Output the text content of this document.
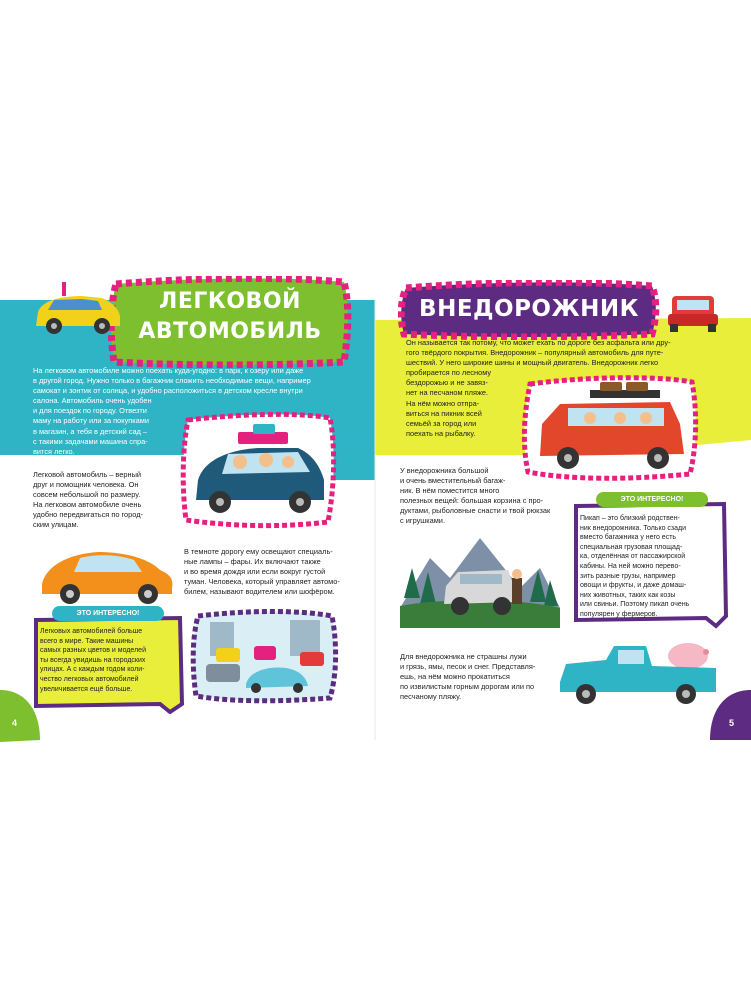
ЛЕГКОВОЙ
АВТОМОБИЛЬ
На легковом автомобиле можно поехать куда-угодно: в парк, к озеру или даже
в другой город. Нужно только в багажник сложить необходимые вещи, например
самокат и зонтик от солнца, и удобно расположиться в детском кресле внутри
салона. Автомобиль очень удобен
и для поездок по городу. Отвезти
маму на работу или за покупками
в магазин, а тебя в детский сад –
с такими задачами машина спра-
вится легко.
Легковой автомобиль – верный
друг и помощник человека. Он
совсем небольшой по размеру.
На легковом автомобиле очень
удобно передвигаться по город-
ским улицам.
В темноте дорогу ему освещают специаль-
ные лампы – фары. Их включают также
и во время дождя или если вокруг густой
туман. Человека, который управляет автомо-
билем, называют водителем или шофёром.
ЭТО ИНТЕРЕСНО!
Легковых автомобилей больше
всего в мире. Такие машины
самых разных цветов и моделей
ты всегда увидишь на городских
улицах. А с каждым годом коли-
чество легковых автомобилей
увеличивается ещё больше.
4
ВНЕДОРОЖНИК
Он называется так потому, что может ехать по дороге без асфальта или дру-
гого твёрдого покрытия. Внедорожник – популярный автомобиль для путе-
шествий. У него широкие шины и мощный двигатель. Внедорожник легко
пробирается по лесному
бездорожью и не завяз-
нет на песчаном пляже.
На нём можно отпра-
виться на пикник всей
семьёй за город или
поехать на рыбалку.
У внедорожника большой
и очень вместительный багаж-
ник. В нём поместится много
полезных вещей: большая корзина с про-
дуктами, рыболовные снасти и твой рюкзак
с игрушками.
ЭТО ИНТЕРЕСНО!
Пикап – это близкий родствен-
ник внедорожника. Только сзади
вместо багажника у него есть
специальная грузовая площад-
ка, отделённая от пассажирской
кабины. На ней можно перево-
зить разные грузы, например
овощи и фрукты, и даже домаш-
них животных, таких как козы
или свиньи. Поэтому пикап очень
популярен у фермеров.
Для внедорожника не страшны лужи
и грязь, ямы, песок и снег. Представля-
ешь, на нём можно прокатиться
по извилистым горным дорогам или по
песчаному пляжу.
5
